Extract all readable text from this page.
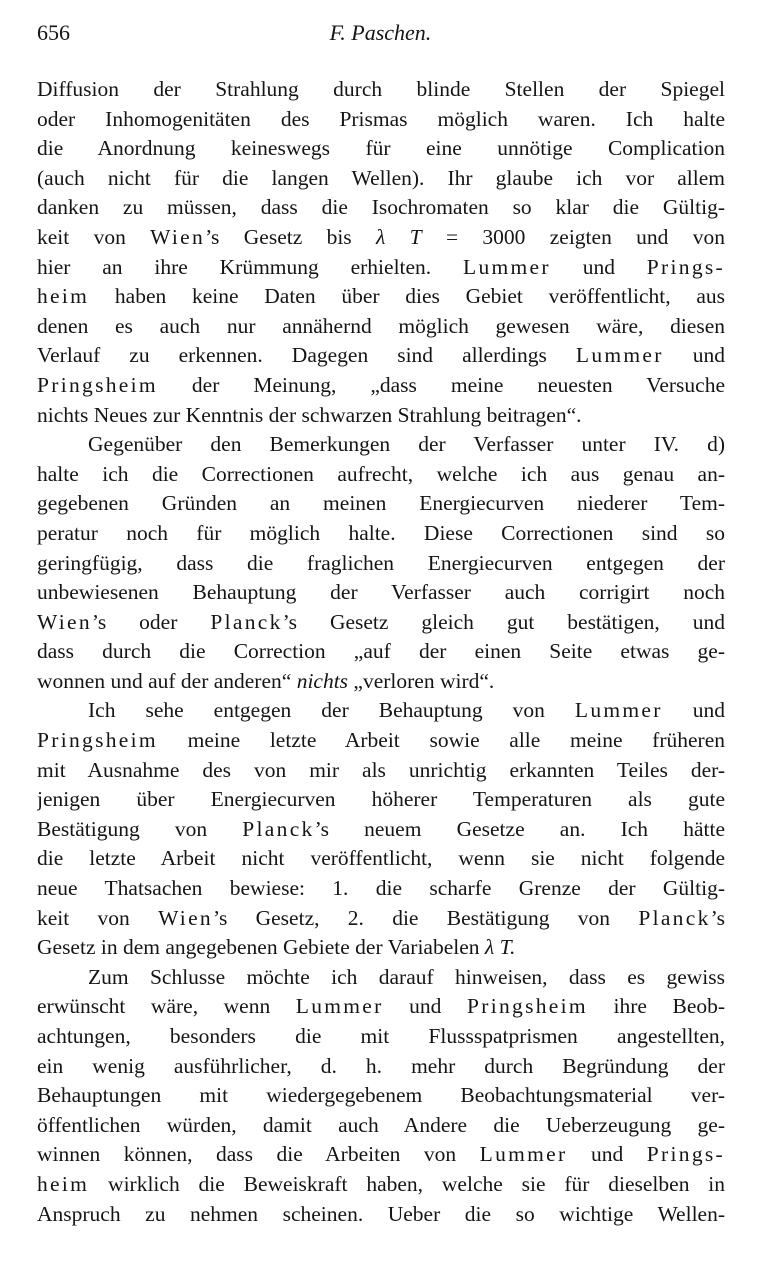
656	F. Paschen.
Diffusion der Strahlung durch blinde Stellen der Spiegel
oder Inhomogenitäten des Prismas möglich waren. Ich halte
die Anordnung keineswegs für eine unnötige Complication
(auch nicht für die langen Wellen). Ihr glaube ich vor allem
danken zu müssen, dass die Isochromaten so klar die Gültig-
keit von Wien’s Gesetz bis λ T = 3000 zeigten und von
hier an ihre Krümmung erhielten. Lummer und Prings-
heim haben keine Daten über dies Gebiet veröffentlicht, aus
denen es auch nur annähernd möglich gewesen wäre, diesen
Verlauf zu erkennen. Dagegen sind allerdings Lummer und
Pringsheim der Meinung, „dass meine neuesten Versuche
nichts Neues zur Kenntnis der schwarzen Strahlung beitragen“.
Gegenüber den Bemerkungen der Verfasser unter IV. d)
halte ich die Correctionen aufrecht, welche ich aus genau an-
gegebenen Gründen an meinen Energiecurven niederer Tem-
peratur noch für möglich halte. Diese Correctionen sind so
geringfügig, dass die fraglichen Energiecurven entgegen der
unbewiesenen Behauptung der Verfasser auch corrigirt noch
Wien’s oder Planck’s Gesetz gleich gut bestätigen, und
dass durch die Correction „auf der einen Seite etwas ge-
wonnen und auf der anderen“ nichts „verloren wird“.
Ich sehe entgegen der Behauptung von Lummer und
Pringsheim meine letzte Arbeit sowie alle meine früheren
mit Ausnahme des von mir als unrichtig erkannten Teiles der-
jenigen über Energiecurven höherer Temperaturen als gute
Bestätigung von Planck’s neuem Gesetze an. Ich hätte
die letzte Arbeit nicht veröffentlicht, wenn sie nicht folgende
neue Thatsachen bewiese: 1. die scharfe Grenze der Gültig-
keit von Wien’s Gesetz, 2. die Bestätigung von Planck’s
Gesetz in dem angegebenen Gebiete der Variabelen λ T.
Zum Schlusse möchte ich darauf hinweisen, dass es gewiss
erwünscht wäre, wenn Lummer und Pringsheim ihre Beob-
achtungen, besonders die mit Flussspatprismen angestellten,
ein wenig ausführlicher, d. h. mehr durch Begründung der
Behauptungen mit wiedergegebenem Beobachtungsmaterial ver-
öffentlichen würden, damit auch Andere die Ueberzeugung ge-
winnen können, dass die Arbeiten von Lummer und Prings-
heim wirklich die Beweiskraft haben, welche sie für dieselben in
Anspruch zu nehmen scheinen. Ueber die so wichtige Wellen-
